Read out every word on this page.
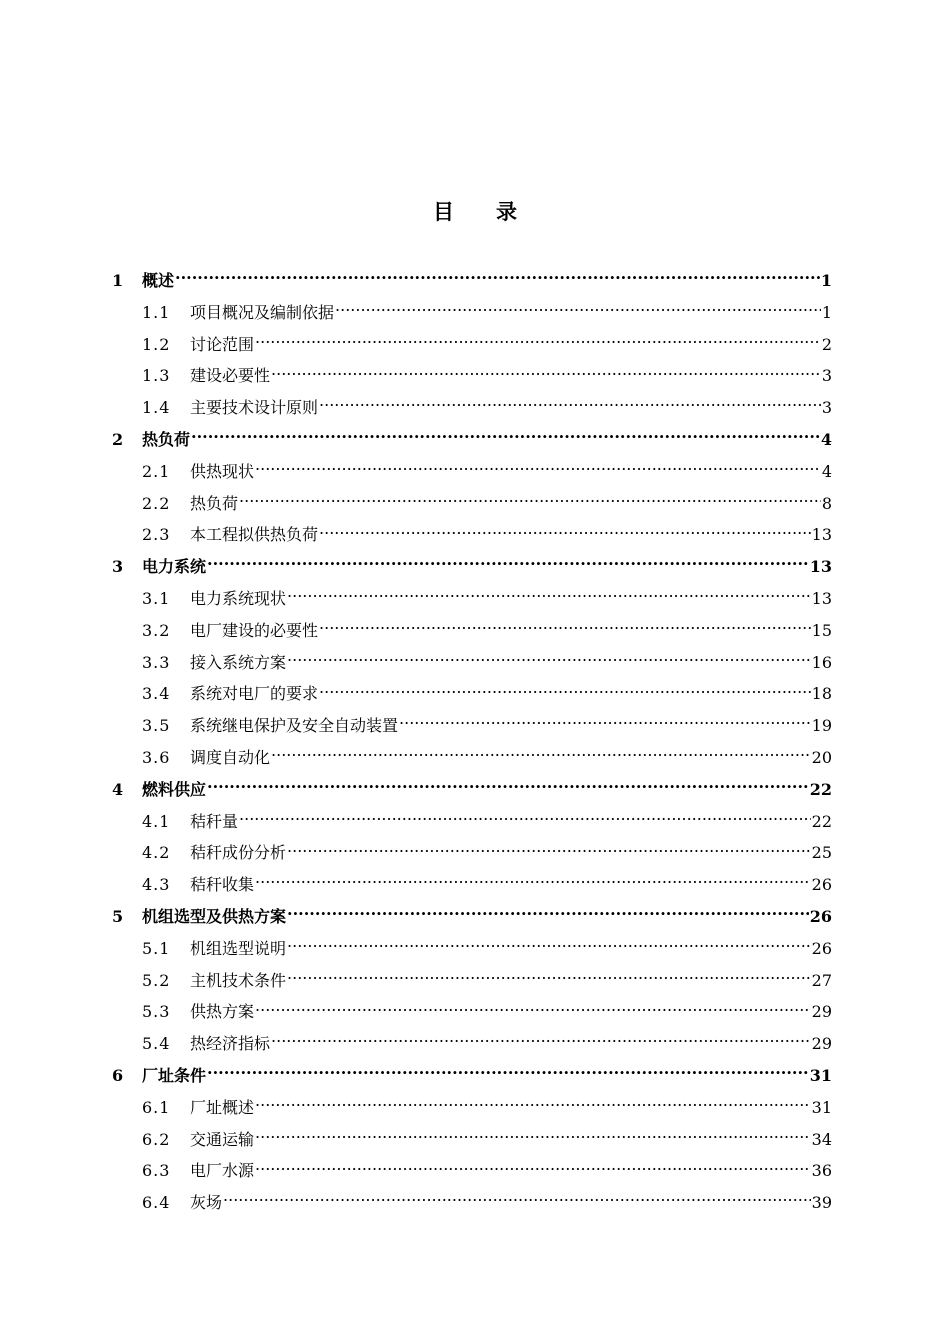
目 录
1	概述 .....	1
1.1	项目概况及编制依据 .....	1
1.2	讨论范围 .....	2
1.3	建设必要性 .....	3
1.4	主要技术设计原则 .....	3
2	热负荷 .....	4
2.1	供热现状 .....	4
2.2	热负荷 .....	8
2.3	本工程拟供热负荷 .....	13
3	电力系统 .....	13
3.1	电力系统现状 .....	13
3.2	电厂建设的必要性 .....	15
3.3	接入系统方案 .....	16
3.4	系统对电厂的要求 .....	18
3.5	系统继电保护及安全自动装置 .....	19
3.6	调度自动化 .....	20
4	燃料供应 .....	22
4.1	秸秆量 .....	22
4.2	秸秆成份分析 .....	25
4.3	秸秆收集 .....	26
5	机组选型及供热方案 .....	26
5.1	机组选型说明 .....	26
5.2	主机技术条件 .....	27
5.3	供热方案 .....	29
5.4	热经济指标 .....	29
6	厂址条件 .....	31
6.1	厂址概述 .....	31
6.2	交通运输 .....	34
6.3	电厂水源 .....	36
6.4	灰场 .....	39
